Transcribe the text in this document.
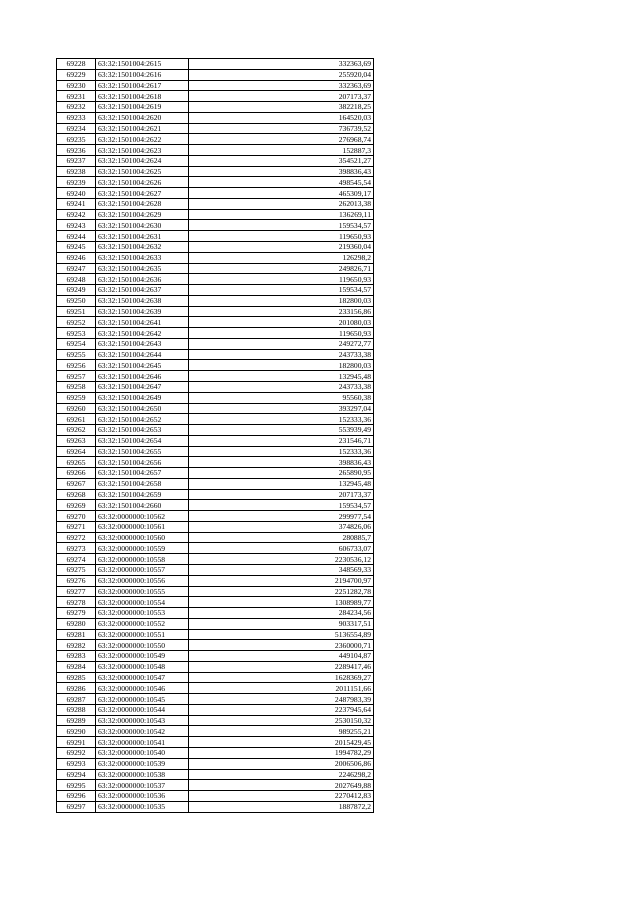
69228	63:32:1501004:2615	332363,69
69229	63:32:1501004:2616	255920,04
69230	63:32:1501004:2617	332363,69
69231	63:32:1501004:2618	207173,37
69232	63:32:1501004:2619	382218,25
69233	63:32:1501004:2620	164520,03
69234	63:32:1501004:2621	736739,52
69235	63:32:1501004:2622	276968,74
69236	63:32:1501004:2623	152887,3
69237	63:32:1501004:2624	354521,27
69238	63:32:1501004:2625	398836,43
69239	63:32:1501004:2626	498545,54
69240	63:32:1501004:2627	465309,17
69241	63:32:1501004:2628	262013,38
69242	63:32:1501004:2629	136269,11
69243	63:32:1501004:2630	159534,57
69244	63:32:1501004:2631	119650,93
69245	63:32:1501004:2632	219360,04
69246	63:32:1501004:2633	126298,2
69247	63:32:1501004:2635	249826,71
69248	63:32:1501004:2636	119650,93
69249	63:32:1501004:2637	159534,57
69250	63:32:1501004:2638	182800,03
69251	63:32:1501004:2639	233156,86
69252	63:32:1501004:2641	201080,03
69253	63:32:1501004:2642	119650,93
69254	63:32:1501004:2643	249272,77
69255	63:32:1501004:2644	243733,38
69256	63:32:1501004:2645	182800,03
69257	63:32:1501004:2646	132945,48
69258	63:32:1501004:2647	243733,38
69259	63:32:1501004:2649	95560,38
69260	63:32:1501004:2650	393297,04
69261	63:32:1501004:2652	152333,36
69262	63:32:1501004:2653	553939,49
69263	63:32:1501004:2654	231546,71
69264	63:32:1501004:2655	152333,36
69265	63:32:1501004:2656	398836,43
69266	63:32:1501004:2657	265890,95
69267	63:32:1501004:2658	132945,48
69268	63:32:1501004:2659	207173,37
69269	63:32:1501004:2660	159534,57
69270	63:32:0000000:10562	299977,54
69271	63:32:0000000:10561	374826,06
69272	63:32:0000000:10560	280885,7
69273	63:32:0000000:10559	606733,07
69274	63:32:0000000:10558	2230536,12
69275	63:32:0000000:10557	348569,33
69276	63:32:0000000:10556	2194700,97
69277	63:32:0000000:10555	2251282,78
69278	63:32:0000000:10554	1308989,77
69279	63:32:0000000:10553	284234,56
69280	63:32:0000000:10552	903317,51
69281	63:32:0000000:10551	5136554,89
69282	63:32:0000000:10550	2360000,71
69283	63:32:0000000:10549	449104,87
69284	63:32:0000000:10548	2289417,46
69285	63:32:0000000:10547	1628369,27
69286	63:32:0000000:10546	2011151,66
69287	63:32:0000000:10545	2487983,39
69288	63:32:0000000:10544	2237945,64
69289	63:32:0000000:10543	2530150,32
69290	63:32:0000000:10542	989255,21
69291	63:32:0000000:10541	2015429,45
69292	63:32:0000000:10540	1994782,29
69293	63:32:0000000:10539	2006506,86
69294	63:32:0000000:10538	2246298,2
69295	63:32:0000000:10537	2027649,88
69296	63:32:0000000:10536	2270412,83
69297	63:32:0000000:10535	1887872,2
